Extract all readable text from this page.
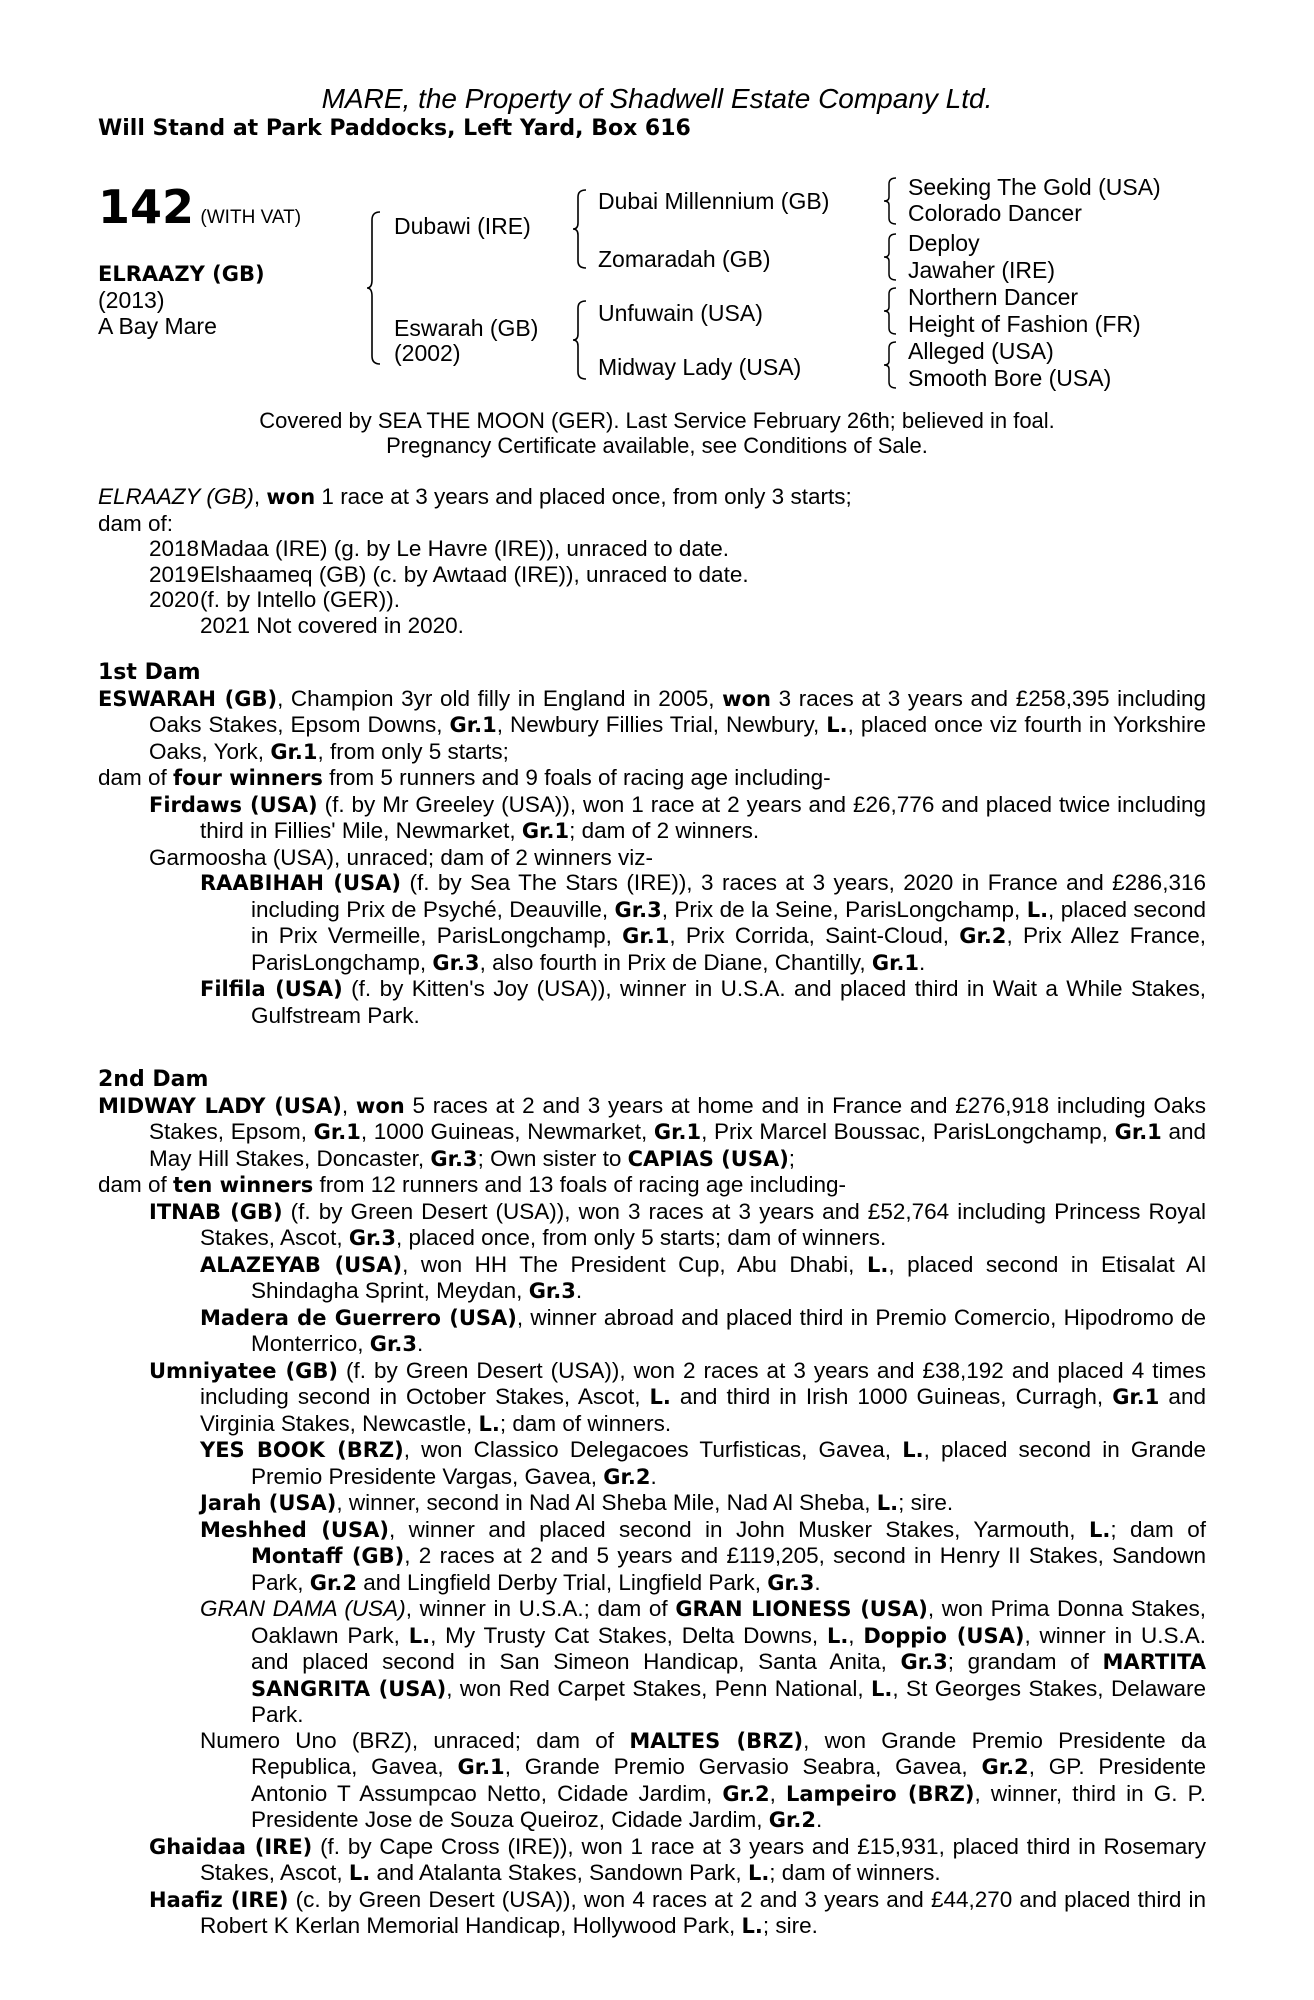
MARE, the Property of Shadwell Estate Company Ltd.
Will Stand at Park Paddocks, Left Yard, Box 616
142 (WITH VAT)
ELRAAZY (GB)
(2013)
A Bay Mare
Dubawi (IRE)
Eswarah (GB)
(2002)
Dubai Millennium (GB)
Zomaradah (GB)
Unfuwain (USA)
Midway Lady (USA)
Seeking The Gold (USA)
Colorado Dancer
Deploy
Jawaher (IRE)
Northern Dancer
Height of Fashion (FR)
Alleged (USA)
Smooth Bore (USA)
Covered by SEA THE MOON (GER). Last Service February 26th; believed in foal.
Pregnancy Certificate available, see Conditions of Sale.

ELRAAZY (GB), won 1 race at 3 years and placed once, from only 3 starts;

dam of:

2018 Madaa (IRE) (g. by Le Havre (IRE)), unraced to date.
2019 Elshaameq (GB) (c. by Awtaad (IRE)), unraced to date.
2020 (f. by Intello (GER)).
2021 Not covered in 2020.

1st Dam

ESWARAH (GB), Champion 3yr old filly in England in 2005, won 3 races at 3 years and £258,395 including Oaks Stakes, Epsom Downs, Gr.1, Newbury Fillies Trial, Newbury, L., placed once viz fourth in Yorkshire Oaks, York, Gr.1, from only 5 starts;

dam of four winners from 5 runners and 9 foals of racing age including-

Firdaws (USA) (f. by Mr Greeley (USA)), won 1 race at 2 years and £26,776 and placed twice including third in Fillies' Mile, Newmarket, Gr.1; dam of 2 winners.

Garmoosha (USA), unraced; dam of 2 winners viz-

RAABIHAH (USA) (f. by Sea The Stars (IRE)), 3 races at 3 years, 2020 in France and £286,316 including Prix de Psyché, Deauville, Gr.3, Prix de la Seine, ParisLongchamp, L., placed second in Prix Vermeille, ParisLongchamp, Gr.1, Prix Corrida, Saint-Cloud, Gr.2, Prix Allez France, ParisLongchamp, Gr.3, also fourth in Prix de Diane, Chantilly, Gr.1.

Filfila (USA) (f. by Kitten's Joy (USA)), winner in U.S.A. and placed third in Wait a While Stakes, Gulfstream Park.

2nd Dam

MIDWAY LADY (USA), won 5 races at 2 and 3 years at home and in France and £276,918 including Oaks Stakes, Epsom, Gr.1, 1000 Guineas, Newmarket, Gr.1, Prix Marcel Boussac, ParisLongchamp, Gr.1 and May Hill Stakes, Doncaster, Gr.3; Own sister to CAPIAS (USA);

dam of ten winners from 12 runners and 13 foals of racing age including-

ITNAB (GB) (f. by Green Desert (USA)), won 3 races at 3 years and £52,764 including Princess Royal Stakes, Ascot, Gr.3, placed once, from only 5 starts; dam of winners.

ALAZEYAB (USA), won HH The President Cup, Abu Dhabi, L., placed second in Etisalat Al Shindagha Sprint, Meydan, Gr.3.

Madera de Guerrero (USA), winner abroad and placed third in Premio Comercio, Hipodromo de Monterrico, Gr.3.

Umniyatee (GB) (f. by Green Desert (USA)), won 2 races at 3 years and £38,192 and placed 4 times including second in October Stakes, Ascot, L. and third in Irish 1000 Guineas, Curragh, Gr.1 and Virginia Stakes, Newcastle, L.; dam of winners.

YES BOOK (BRZ), won Classico Delegacoes Turfisticas, Gavea, L., placed second in Grande Premio Presidente Vargas, Gavea, Gr.2.

Jarah (USA), winner, second in Nad Al Sheba Mile, Nad Al Sheba, L.; sire.

Meshhed (USA), winner and placed second in John Musker Stakes, Yarmouth, L.; dam of Montaff (GB), 2 races at 2 and 5 years and £119,205, second in Henry II Stakes, Sandown Park, Gr.2 and Lingfield Derby Trial, Lingfield Park, Gr.3.

GRAN DAMA (USA), winner in U.S.A.; dam of GRAN LIONESS (USA), won Prima Donna Stakes, Oaklawn Park, L., My Trusty Cat Stakes, Delta Downs, L., Doppio (USA), winner in U.S.A. and placed second in San Simeon Handicap, Santa Anita, Gr.3; grandam of MARTITA SANGRITA (USA), won Red Carpet Stakes, Penn National, L., St Georges Stakes, Delaware Park.

Numero Uno (BRZ), unraced; dam of MALTES (BRZ), won Grande Premio Presidente da Republica, Gavea, Gr.1, Grande Premio Gervasio Seabra, Gavea, Gr.2, GP. Presidente Antonio T Assumpcao Netto, Cidade Jardim, Gr.2, Lampeiro (BRZ), winner, third in G. P. Presidente Jose de Souza Queiroz, Cidade Jardim, Gr.2.

Ghaidaa (IRE) (f. by Cape Cross (IRE)), won 1 race at 3 years and £15,931, placed third in Rosemary Stakes, Ascot, L. and Atalanta Stakes, Sandown Park, L.; dam of winners.

Haafiz (IRE) (c. by Green Desert (USA)), won 4 races at 2 and 3 years and £44,270 and placed third in Robert K Kerlan Memorial Handicap, Hollywood Park, L.; sire.
